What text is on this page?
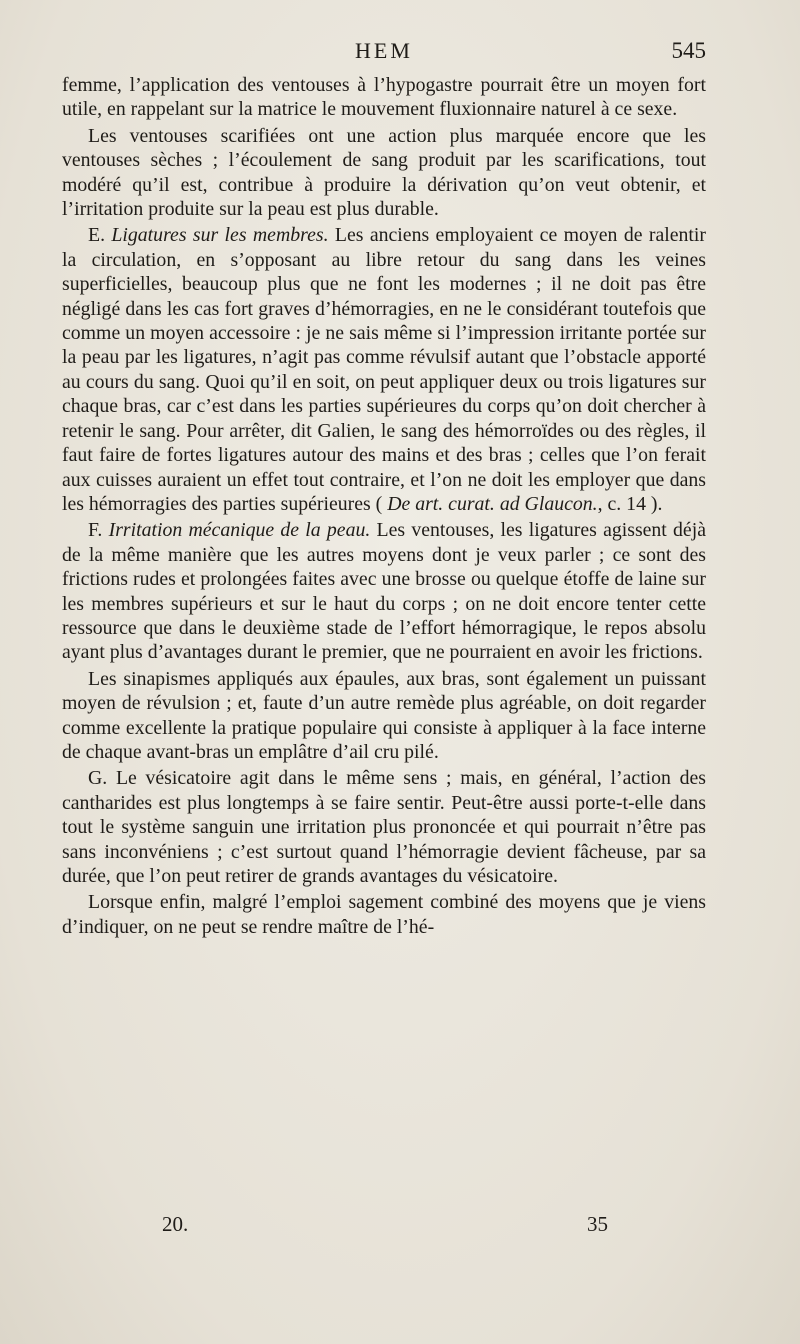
HEM	545

femme, l’application des ventouses à l’hypogastre pourrait être un moyen fort utile, en rappelant sur la matrice le mouvement fluxionnaire naturel à ce sexe.

Les ventouses scarifiées ont une action plus marquée encore que les ventouses sèches ; l’écoulement de sang produit par les scarifications, tout modéré qu’il est, contribue à produire la dérivation qu’on veut obtenir, et l’irritation produite sur la peau est plus durable.

E. Ligatures sur les membres. Les anciens employaient ce moyen de ralentir la circulation, en s’opposant au libre retour du sang dans les veines superficielles, beaucoup plus que ne font les modernes ; il ne doit pas être négligé dans les cas fort graves d’hémorragies, en ne le considérant toutefois que comme un moyen accessoire : je ne sais même si l’impression irritante portée sur la peau par les ligatures, n’agit pas comme révulsif autant que l’obstacle apporté au cours du sang. Quoi qu’il en soit, on peut appliquer deux ou trois ligatures sur chaque bras, car c’est dans les parties supérieures du corps qu’on doit chercher à retenir le sang. Pour arrêter, dit Galien, le sang des hémorroïdes ou des règles, il faut faire de fortes ligatures autour des mains et des bras ; celles que l’on ferait aux cuisses auraient un effet tout contraire, et l’on ne doit les employer que dans les hémorragies des parties supérieures ( De art. curat. ad Glaucon., c. 14 ).

F. Irritation mécanique de la peau. Les ventouses, les ligatures agissent déjà de la même manière que les autres moyens dont je veux parler ; ce sont des frictions rudes et prolongées faites avec une brosse ou quelque étoffe de laine sur les membres supérieurs et sur le haut du corps ; on ne doit encore tenter cette ressource que dans le deuxième stade de l’effort hémorragique, le repos absolu ayant plus d’avantages durant le premier, que ne pourraient en avoir les frictions.

Les sinapismes appliqués aux épaules, aux bras, sont également un puissant moyen de révulsion ; et, faute d’un autre remède plus agréable, on doit regarder comme excellente la pratique populaire qui consiste à appliquer à la face interne de chaque avant-bras un emplâtre d’ail cru pilé.

G. Le vésicatoire agit dans le même sens ; mais, en général, l’action des cantharides est plus longtemps à se faire sentir. Peut-être aussi porte-t-elle dans tout le système sanguin une irritation plus prononcée et qui pourrait n’être pas sans inconvéniens ; c’est surtout quand l’hémorragie devient fâcheuse, par sa durée, que l’on peut retirer de grands avantages du vésicatoire.

Lorsque enfin, malgré l’emploi sagement combiné des moyens que je viens d’indiquer, on ne peut se rendre maître de l’hé-

20.	35
